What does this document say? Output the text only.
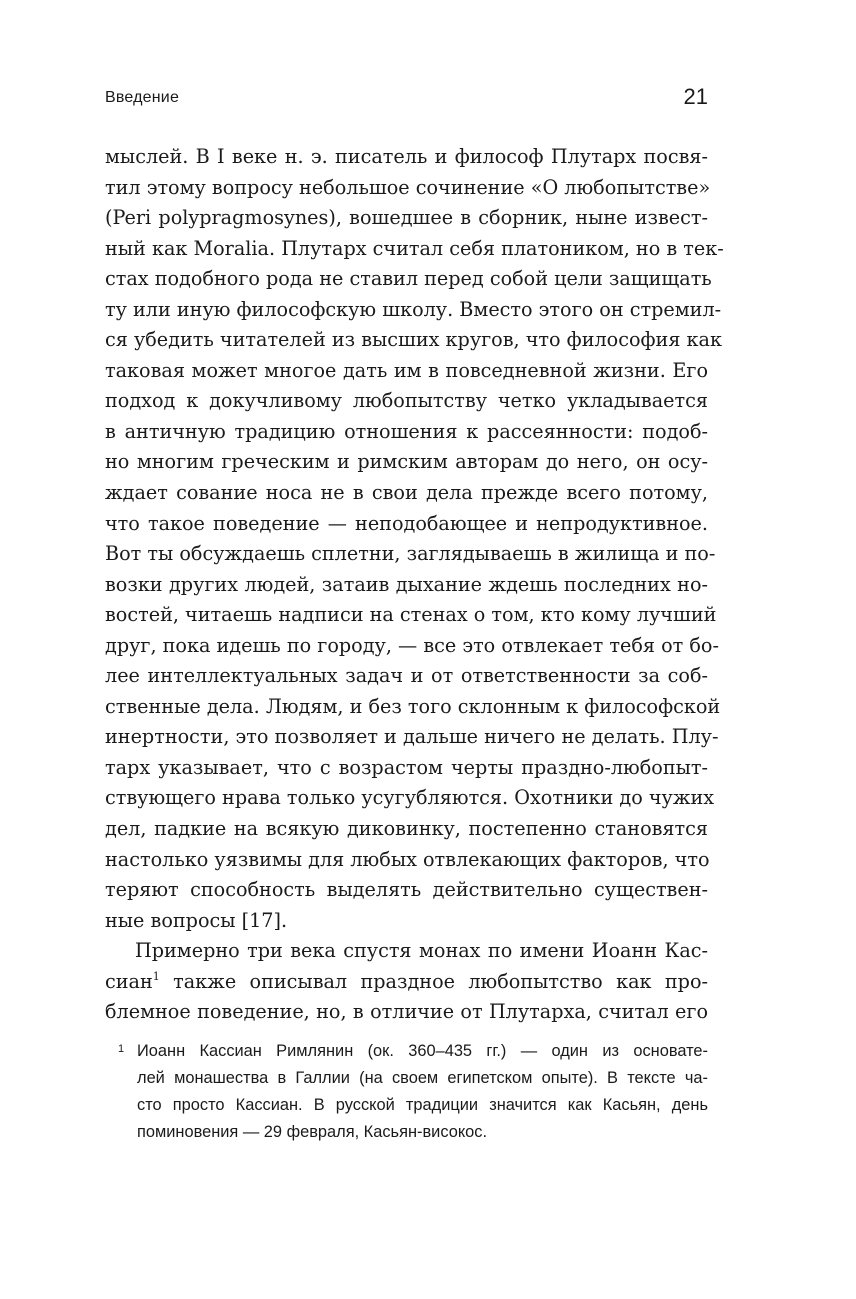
Введение	21
мыслей. В I веке н. э. писатель и философ Плутарх посвя-
тил этому вопросу небольшое сочинение «О любопытстве»
(Peri polypragmosynes), вошедшее в сборник, ныне извест-
ный как Moralia. Плутарх считал себя платоником, но в тек-
стах подобного рода не ставил перед собой цели защищать
ту или иную философскую школу. Вместо этого он стремил-
ся убедить читателей из высших кругов, что философия как
таковая может многое дать им в повседневной жизни. Его
подход к докучливому любопытству четко укладывается
в античную традицию отношения к рассеянности: подоб-
но многим греческим и римским авторам до него, он осу-
ждает сование носа не в свои дела прежде всего потому,
что такое поведение — неподобающее и непродуктивное.
Вот ты обсуждаешь сплетни, заглядываешь в жилища и по-
возки других людей, затаив дыхание ждешь последних но-
востей, читаешь надписи на стенах о том, кто кому лучший
друг, пока идешь по городу, — все это отвлекает тебя от бо-
лее интеллектуальных задач и от ответственности за соб-
ственные дела. Людям, и без того склонным к философской
инертности, это позволяет и дальше ничего не делать. Плу-
тарх указывает, что с возрастом черты праздно-любопыт-
ствующего нрава только усугубляются. Охотники до чужих
дел, падкие на всякую диковинку, постепенно становятся
настолько уязвимы для любых отвлекающих факторов, что
теряют способность выделять действительно существен-
ные вопросы [17].
Примерно три века спустя монах по имени Иоанн Кас-
сиан$^1$ также описывал праздное любопытство как про-
блемное поведение, но, в отличие от Плутарха, считал его
1 Иоанн Кассиан Римлянин (ок. 360–435 гг.) — один из основате-
лей монашества в Галлии (на своем египетском опыте). В тексте ча-
сто просто Кассиан. В русской традиции значится как Касьян, день
поминовения — 29 февраля, Касьян-високос.
